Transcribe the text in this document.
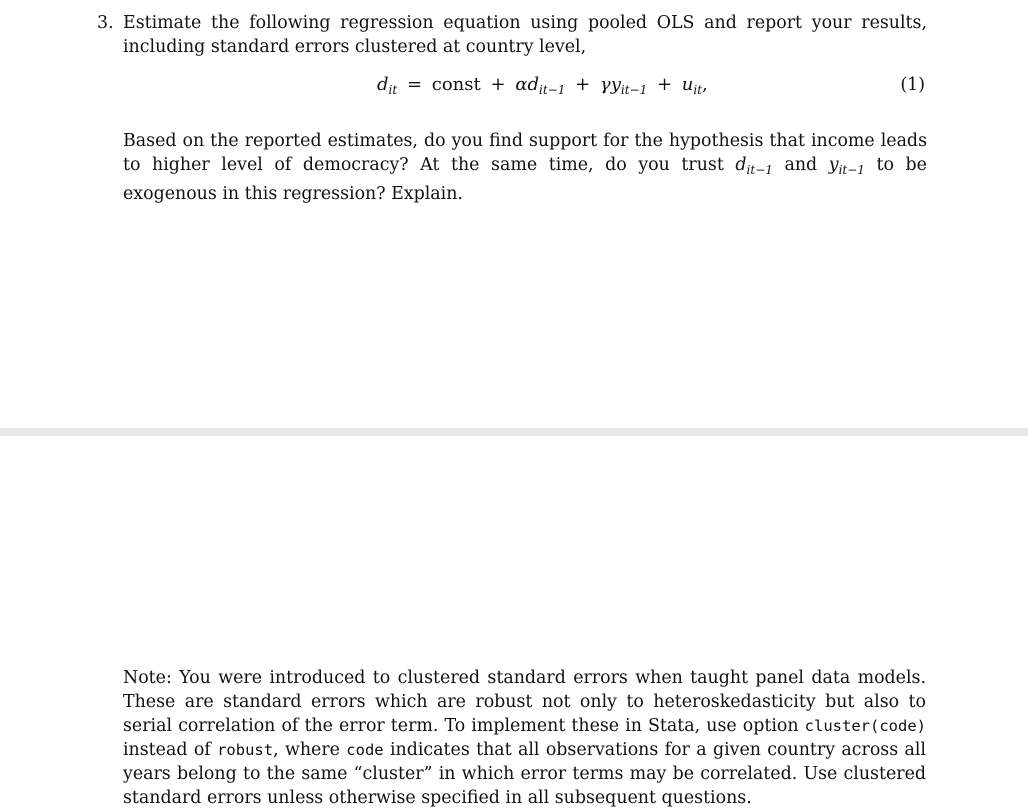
3. Estimate the following regression equation using pooled OLS and report your results, including standard errors clustered at country level,
$d_{it}$ = const + $\alpha d_{it-1} + \gamma y_{it-1} + u_{it}$,	(1)
Based on the reported estimates, do you find support for the hypothesis that income leads to higher level of democracy? At the same time, do you trust $d_{it-1}$ and $y_{it-1}$ to be exogenous in this regression? Explain.
Note: You were introduced to clustered standard errors when taught panel data models. These are standard errors which are robust not only to heteroskedasticity but also to serial correlation of the error term. To implement these in Stata, use option cluster(code) instead of robust, where code indicates that all observations for a given country across all years belong to the same “cluster” in which error terms may be correlated. Use clustered standard errors unless otherwise specified in all subsequent questions.
